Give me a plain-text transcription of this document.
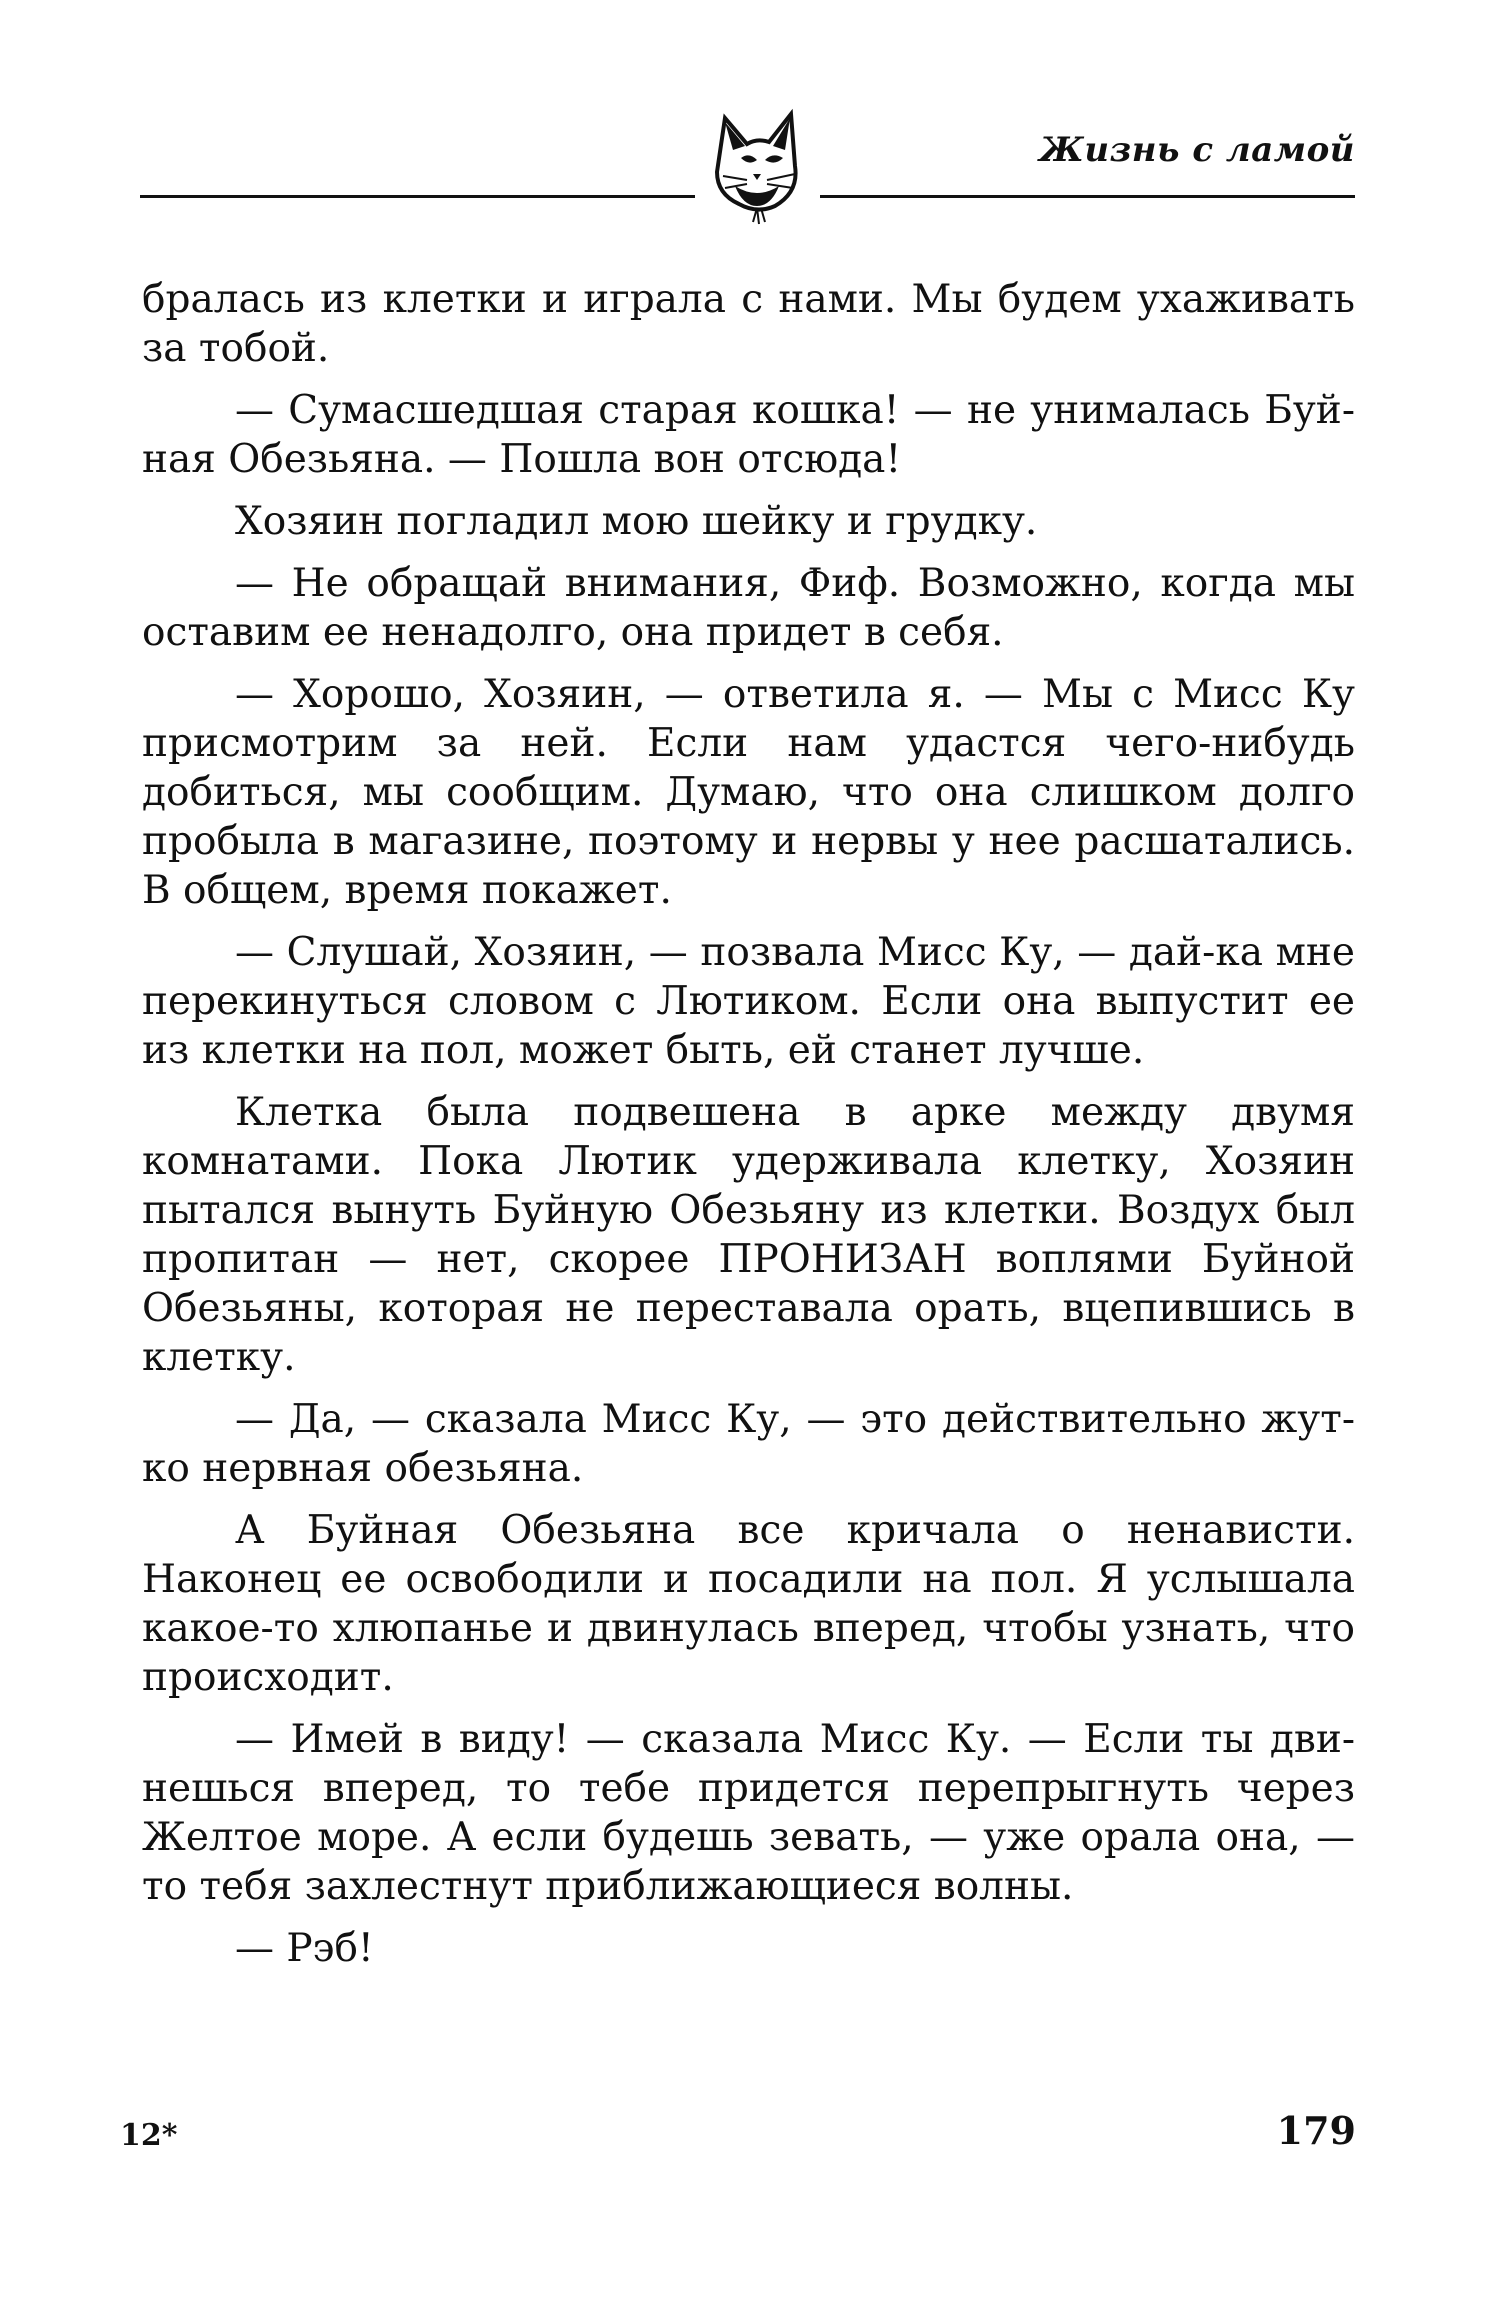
Жизнь с ламой

бралась из клетки и играла с нами. Мы будем ухаживать за тобой.

— Сумасшедшая старая кошка! — не унималась Буйная Обезьяна. — Пошла вон отсюда!

Хозяин погладил мою шейку и грудку.

— Не обращай внимания, Фиф. Возможно, когда мы оставим ее ненадолго, она придет в себя.

— Хорошо, Хозяин, — ответила я. — Мы с Мисс Ку присмотрим за ней. Если нам удастся чего-нибудь добиться, мы сообщим. Думаю, что она слишком долго пробыла в магазине, поэтому и нервы у нее расшатались. В общем, время покажет.

— Слушай, Хозяин, — позвала Мисс Ку, — дай-ка мне перекинуться словом с Лютиком. Если она выпустит ее из клетки на пол, может быть, ей станет лучше.

Клетка была подвешена в арке между двумя комнатами. Пока Лютик удерживала клетку, Хозяин пытался вынуть Буйную Обезьяну из клетки. Воздух был пропитан — нет, скорее ПРОНИЗАН воплями Буйной Обезьяны, которая не переставала орать, вцепившись в клетку.

— Да, — сказала Мисс Ку, — это действительно жутко нервная обезьяна.

А Буйная Обезьяна все кричала о ненависти. Наконец ее освободили и посадили на пол. Я услышала какое-то хлюпанье и двинулась вперед, чтобы узнать, что происходит.

— Имей в виду! — сказала Мисс Ку. — Если ты двинешься вперед, то тебе придется перепрыгнуть через Желтое море. А если будешь зевать, — уже орала она, — то тебя захлестнут приближающиеся волны.

— Рэб!

12*	179
